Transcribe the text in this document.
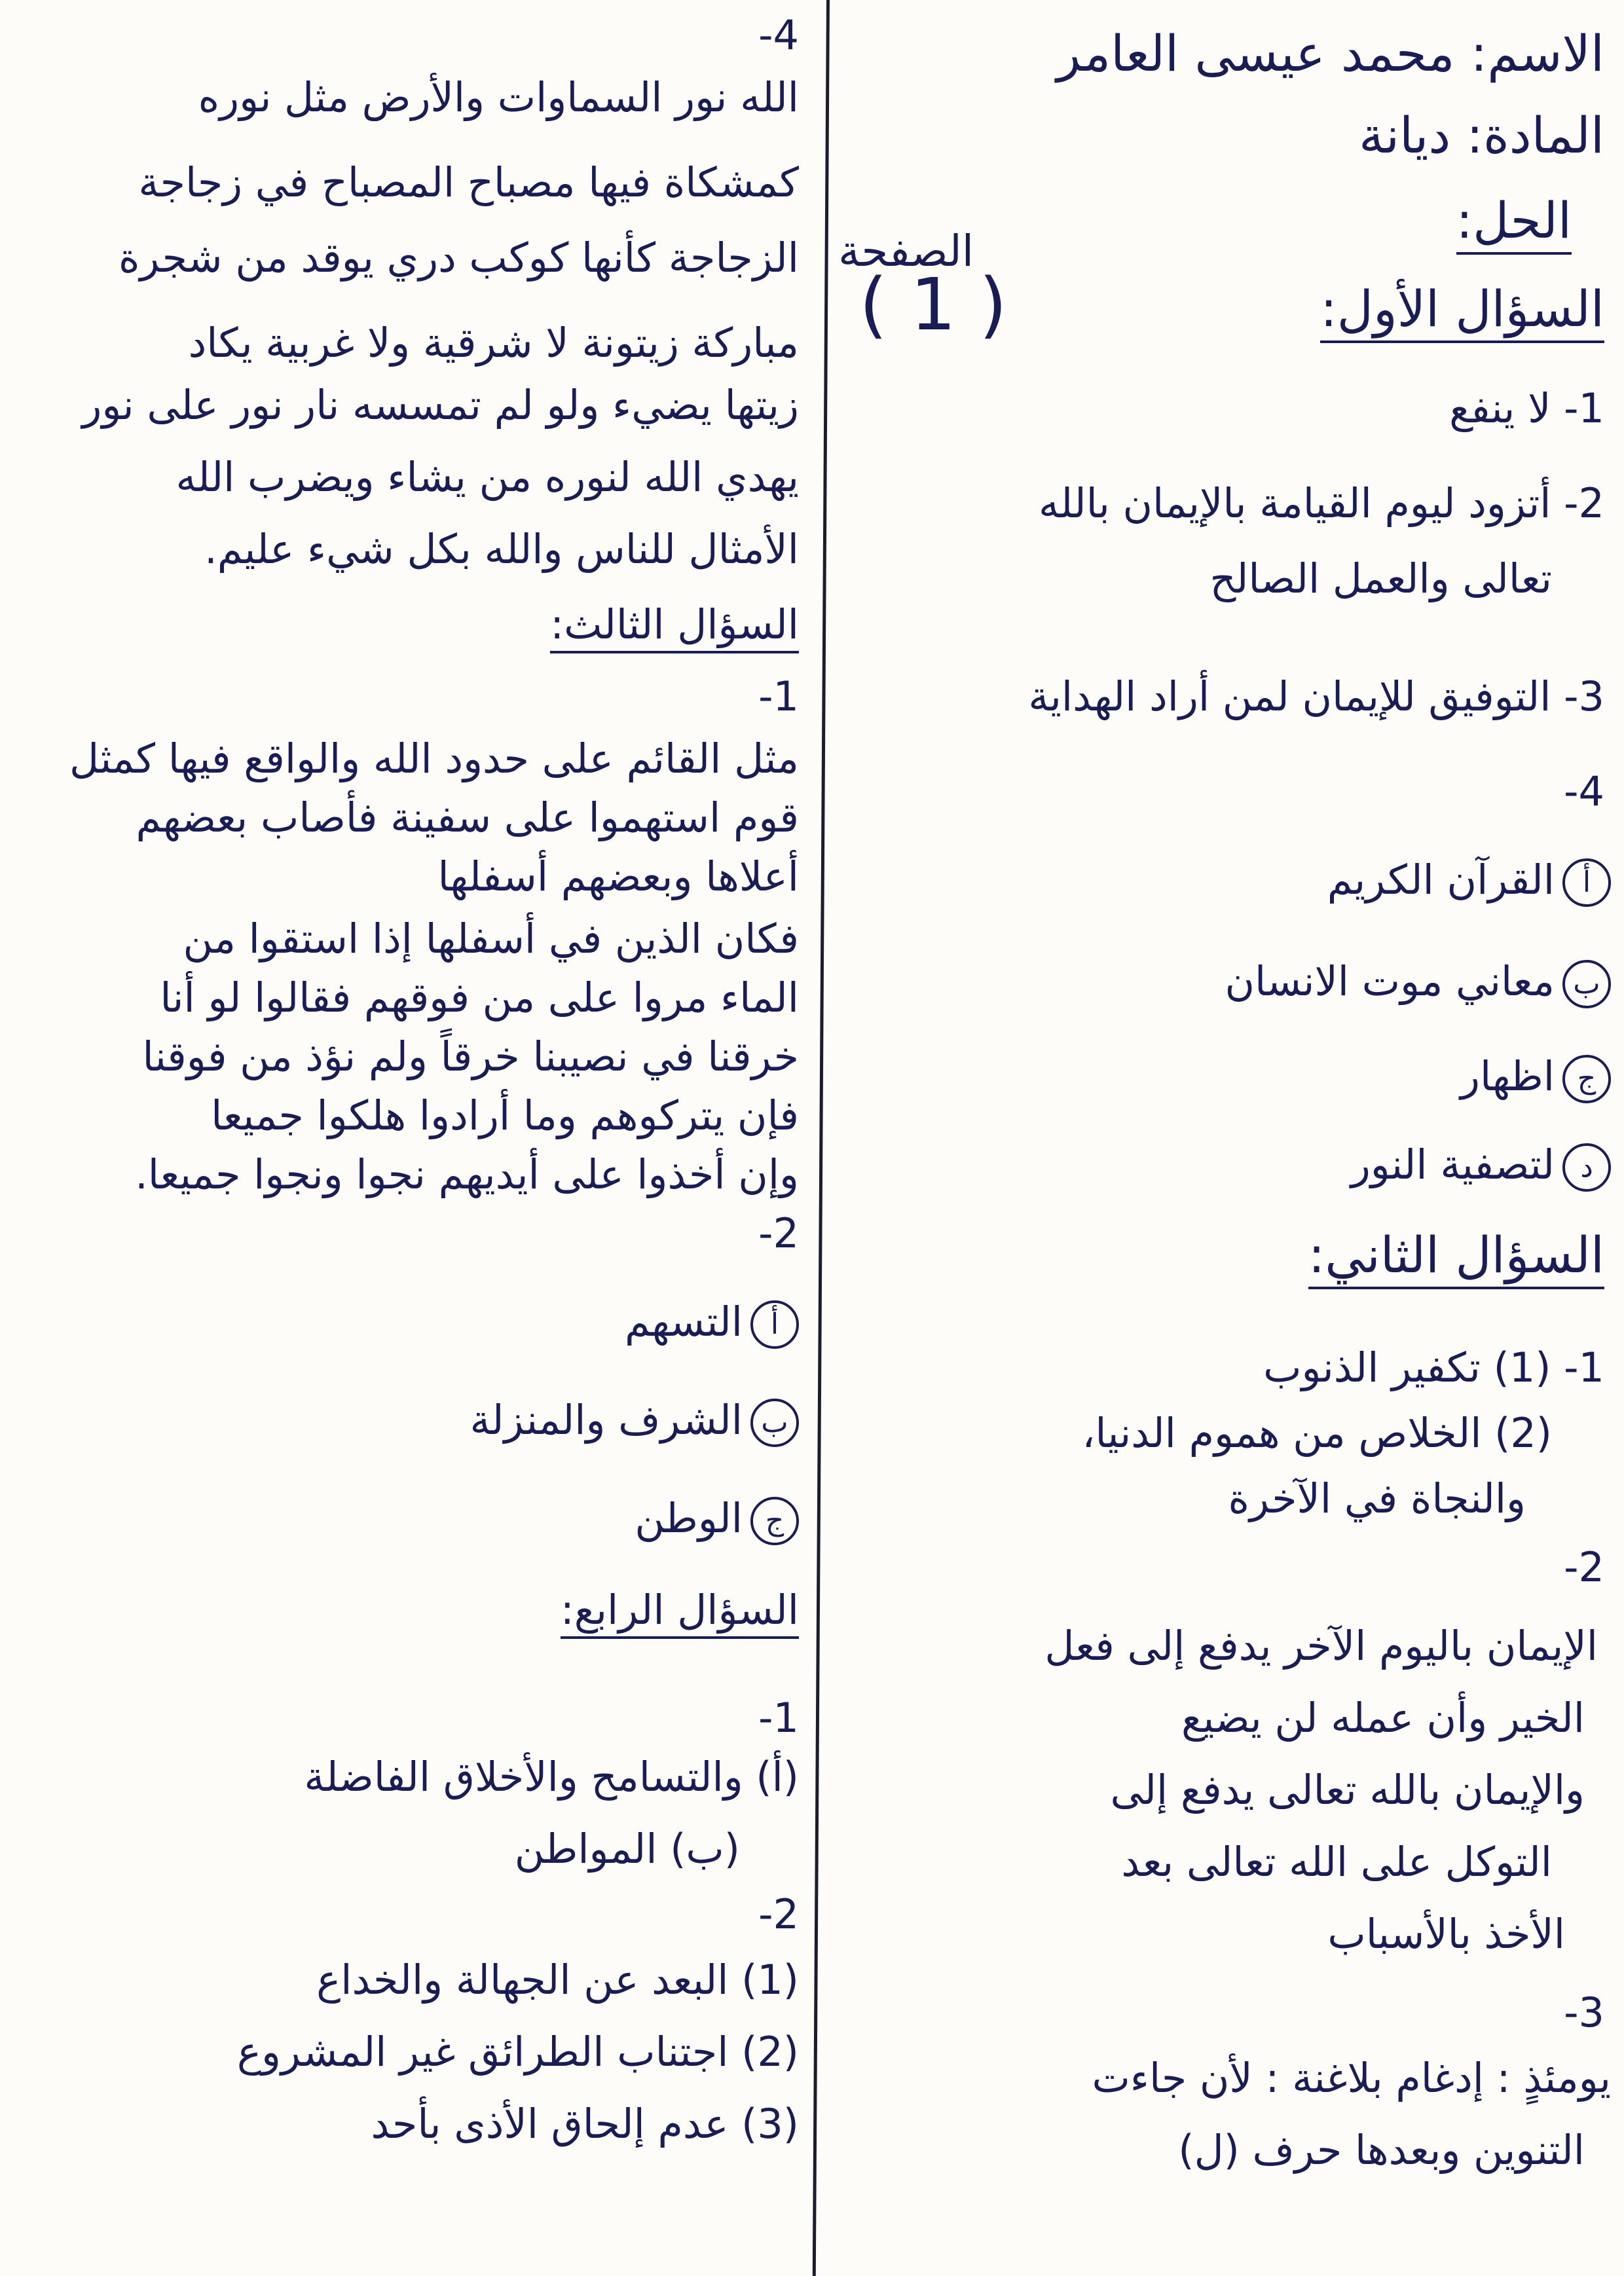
الاسم: محمد عيسى العامر
المادة: ديانة
الحل:
السؤال الأول:
1- لا ينفع
2- أتزود ليوم القيامة بالإيمان بالله
تعالى والعمل الصالح
3- التوفيق للإيمان لمن أراد الهداية
4-
أالقرآن الكريم
بمعاني موت الانسان
جاظهار
دلتصفية النور
السؤال الثاني:
1- (1) تكفير الذنوب
(2) الخلاص من هموم الدنيا،
والنجاة في الآخرة
2-
الإيمان باليوم الآخر يدفع إلى فعل
الخير وأن عمله لن يضيع
والإيمان بالله تعالى يدفع إلى
التوكل على الله تعالى بعد
الأخذ بالأسباب
3-
يومئذٍ : إدغام بلاغنة : لأن جاءت
التنوين وبعدها حرف (ل)
الصفحة
( 1 )
4-
الله نور السماوات والأرض مثل نوره
كمشكاة فيها مصباح المصباح في زجاجة
الزجاجة كأنها كوكب دري يوقد من شجرة
مباركة زيتونة لا شرقية ولا غربية يكاد
زيتها يضيء ولو لم تمسسه نار نور على نور
يهدي الله لنوره من يشاء ويضرب الله
الأمثال للناس والله بكل شيء عليم.
السؤال الثالث:
1-
مثل القائم على حدود الله والواقع فيها كمثل
قوم استهموا على سفينة فأصاب بعضهم
أعلاها وبعضهم أسفلها
فكان الذين في أسفلها إذا استقوا من
الماء مروا على من فوقهم فقالوا لو أنا
خرقنا في نصيبنا خرقاً ولم نؤذ من فوقنا
فإن يتركوهم وما أرادوا هلكوا جميعا
وإن أخذوا على أيديهم نجوا ونجوا جميعا.
2-
أالتسهم
بالشرف والمنزلة
جالوطن
السؤال الرابع:
1-
(أ) والتسامح والأخلاق الفاضلة
(ب) المواطن
2-
(1) البعد عن الجهالة والخداع
(2) اجتناب الطرائق غير المشروع
(3) عدم إلحاق الأذى بأحد
